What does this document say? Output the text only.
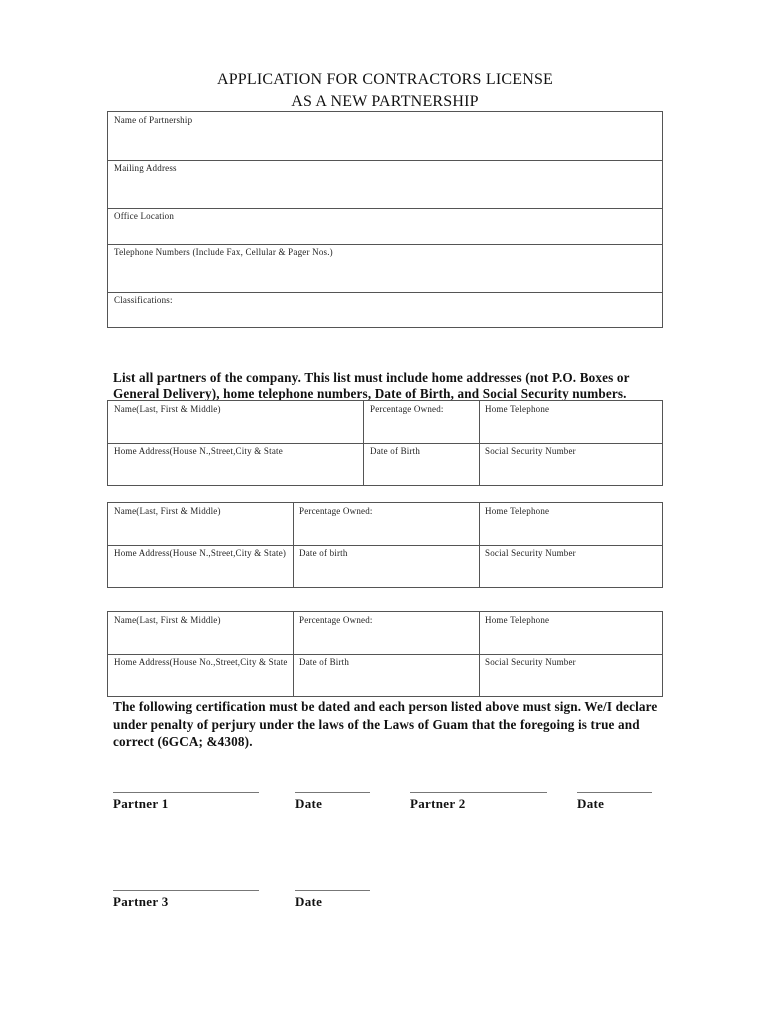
APPLICATION FOR CONTRACTORS LICENSE
AS A NEW PARTNERSHIP
Name of Partnership
Mailing Address
Office Location
Telephone Numbers (Include Fax, Cellular & Pager Nos.)
Classifications:
List all partners of the company. This list must include home addresses (not P.O. Boxes or General Delivery), home telephone numbers, Date of Birth, and Social Security numbers.
Name(Last, First & Middle)	Percentage Owned:	Home Telephone
Home Address(House N.,Street,City & State	Date of Birth	Social Security Number
Name(Last, First & Middle)	Percentage Owned:	Home Telephone
Home Address(House N.,Street,City & State) Date of birth	Social Security Number
Name(Last, First & Middle)	Percentage Owned:	Home Telephone
Home Address(House No.,Street,City & State Date of Birth	Social Security Number
The following certification must be dated and each person listed above must sign. We/I declare under penalty of perjury under the laws of the Laws of Guam that the foregoing is true and correct (6GCA; &4308).
Partner 1	Date	Partner 2	Date
Partner 3	Date
